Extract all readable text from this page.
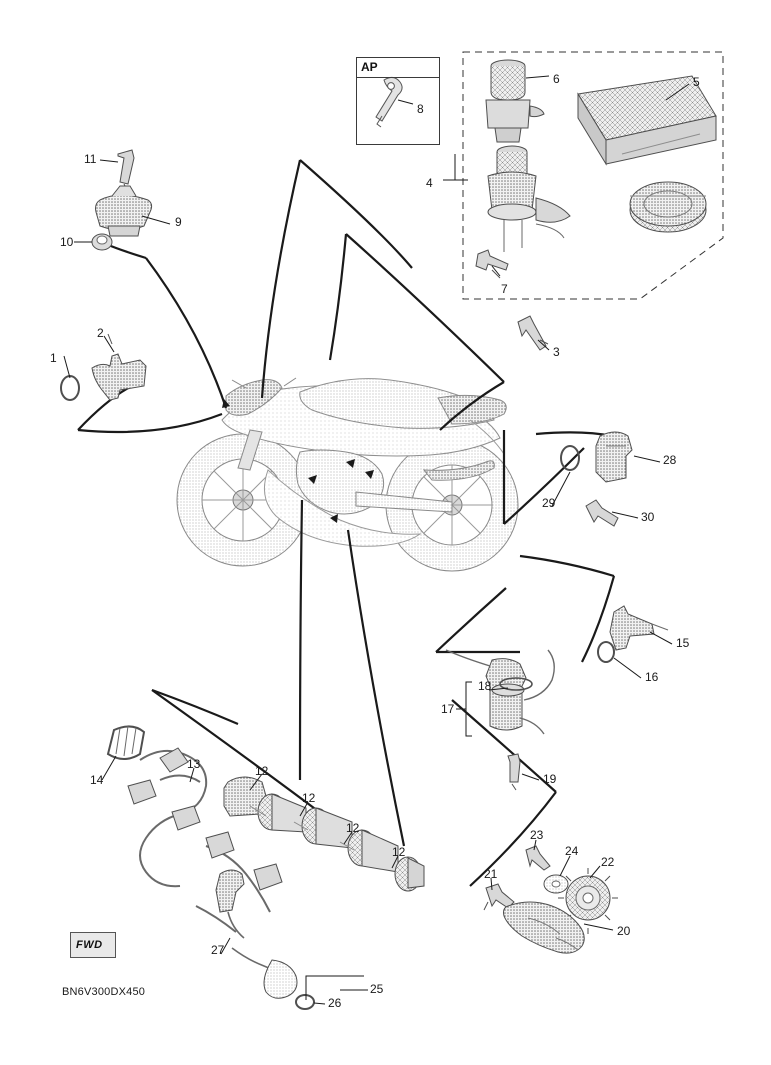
AP
FWD
BN6V300DX450
1
2
3
4
5
6
7
8
9
10
11
12
12
12
12
13
14
15
16
17
18
19
20
21
22
23
24
25
26
27
28
29
30
